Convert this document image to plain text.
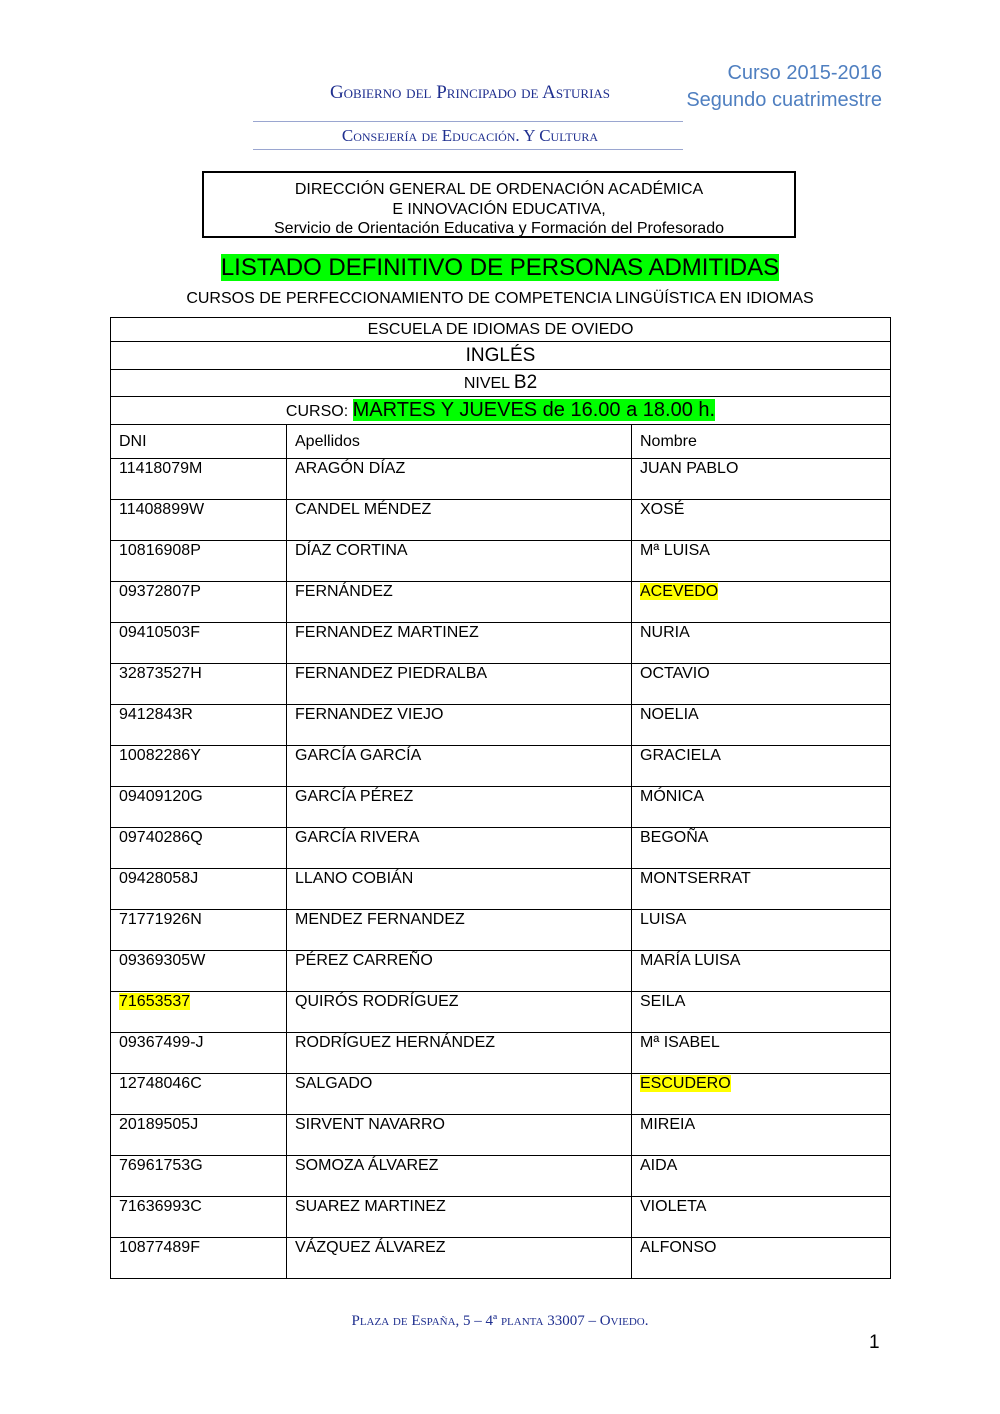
Gobierno del Principado de Asturias
Consejería de Educación. Y Cultura
Curso 2015-2016
Segundo cuatrimestre
DIRECCIÓN GENERAL DE ORDENACIÓN ACADÉMICA
E INNOVACIÓN EDUCATIVA,
Servicio de Orientación Educativa y Formación del Profesorado
LISTADO DEFINITIVO DE PERSONAS ADMITIDAS
CURSOS DE PERFECCIONAMIENTO DE COMPETENCIA LINGÜÍSTICA EN IDIOMAS
ESCUELA DE IDIOMAS DE OVIEDO		
INGLÉS		
NIVEL B2		
CURSO: MARTES Y JUEVES de 16.00 a 18.00 h.		
DNI	Apellidos	Nombre
11418079M	ARAGÓN DÍAZ	JUAN PABLO
11408899W	CANDEL MÉNDEZ	XOSÉ
10816908P	DÍAZ CORTINA	Mª LUISA
09372807P	FERNÁNDEZ	ACEVEDO
09410503F	FERNANDEZ MARTINEZ	NURIA
32873527H	FERNANDEZ PIEDRALBA	OCTAVIO
9412843R	FERNANDEZ VIEJO	NOELIA
10082286Y	GARCÍA GARCÍA	GRACIELA
09409120G	GARCÍA PÉREZ	MÓNICA
09740286Q	GARCÍA RIVERA	BEGOÑA
09428058J	LLANO COBIÁN	MONTSERRAT
71771926N	MENDEZ FERNANDEZ	LUISA
09369305W	PÉREZ CARREÑO	MARÍA LUISA
71653537	QUIRÓS RODRÍGUEZ	SEILA
09367499-J	RODRÍGUEZ HERNÁNDEZ	Mª ISABEL
12748046C	SALGADO	ESCUDERO
20189505J	SIRVENT NAVARRO	MIREIA
76961753G	SOMOZA ÁLVAREZ	AIDA
71636993C	SUAREZ MARTINEZ	VIOLETA
10877489F	VÁZQUEZ ÁLVAREZ	ALFONSO
Plaza de España, 5 – 4ª planta 33007 – Oviedo.
1
